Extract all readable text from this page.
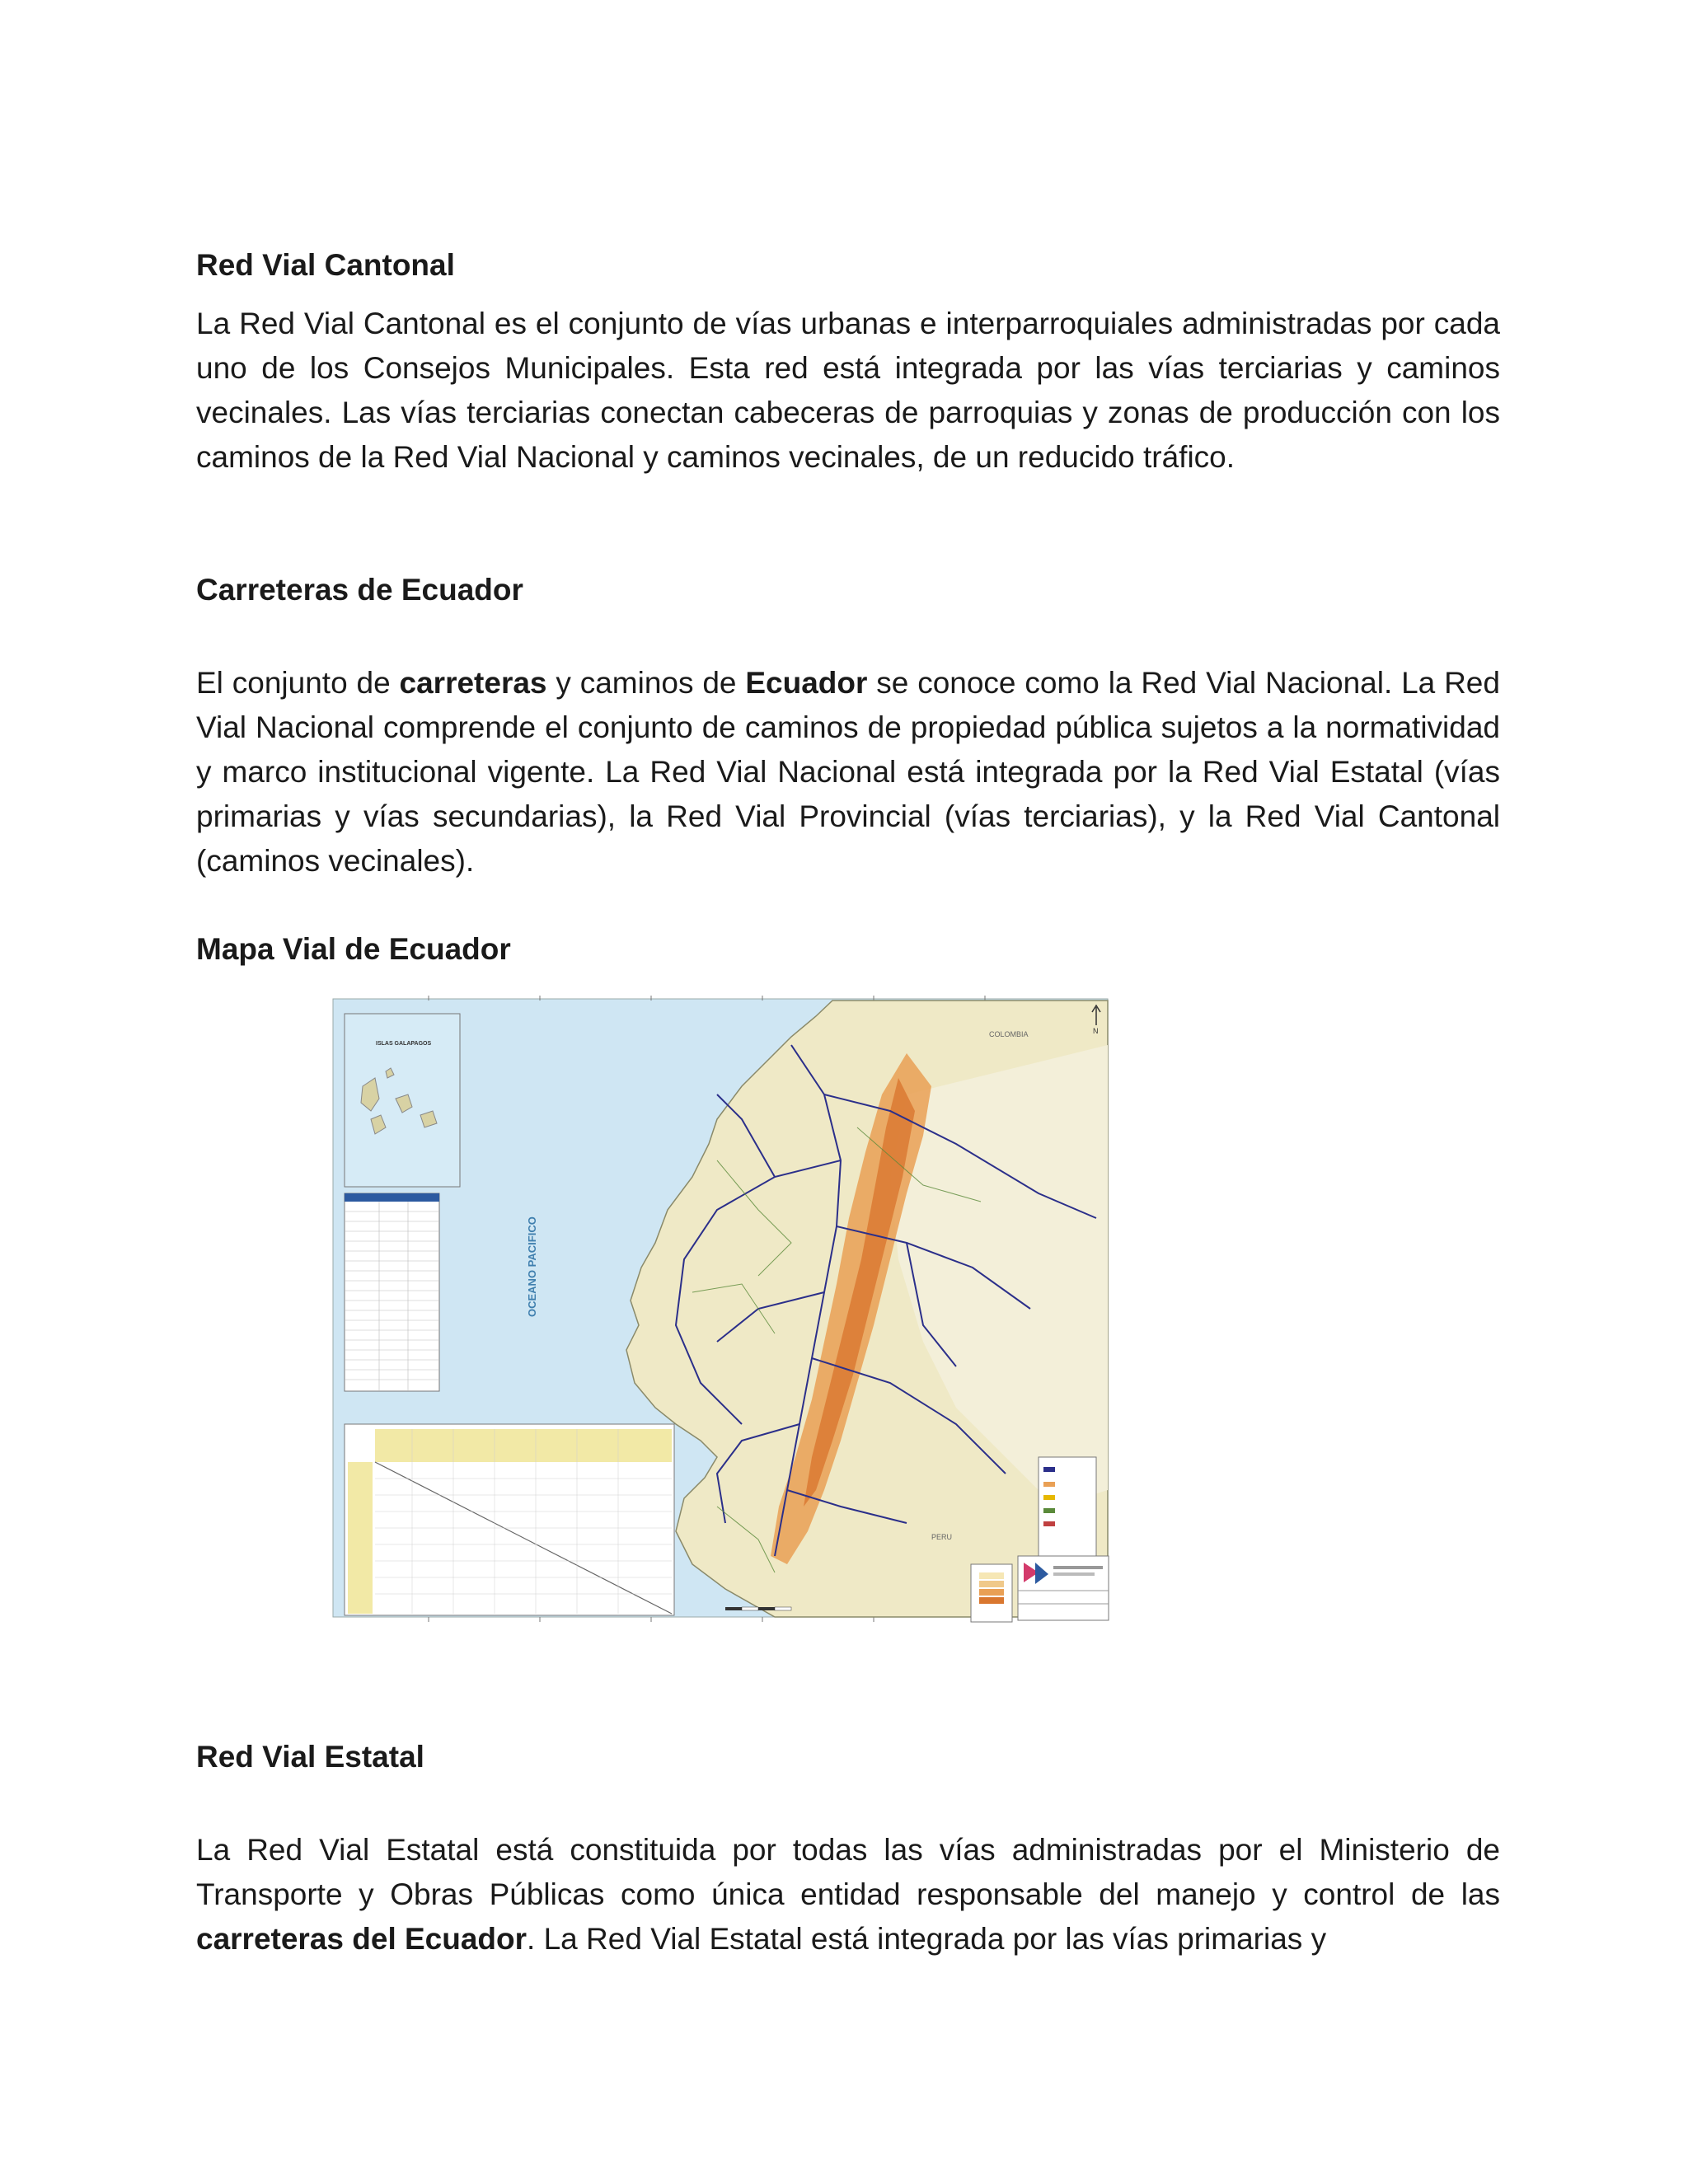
Red Vial Cantonal

La Red Vial Cantonal es el conjunto de vías urbanas e interparroquiales administradas por cada uno de los Consejos Municipales. Esta red está integrada por las vías terciarias y caminos vecinales. Las vías terciarias conectan cabeceras de parroquias y zonas de producción con los caminos de la Red Vial Nacional y caminos vecinales, de un reducido tráfico.

Carreteras de Ecuador

El conjunto de carreteras y caminos de Ecuador se conoce como la Red Vial Nacional. La Red Vial Nacional comprende el conjunto de caminos de propiedad pública sujetos a la normatividad y marco institucional vigente. La Red Vial Nacional está integrada por la Red Vial Estatal (vías primarias y vías secundarias), la Red Vial Provincial (vías terciarias), y la Red Vial Cantonal (caminos vecinales).

Mapa Vial de Ecuador
OCEANO PACIFICO
COLOMBIA
PERU
N
ISLAS GALAPAGOS
Red Vial Estatal

La Red Vial Estatal está constituida por todas las vías administradas por el Ministerio de Transporte y Obras Públicas como única entidad responsable del manejo y control de las carreteras del Ecuador. La Red Vial Estatal está integrada por las vías primarias y
